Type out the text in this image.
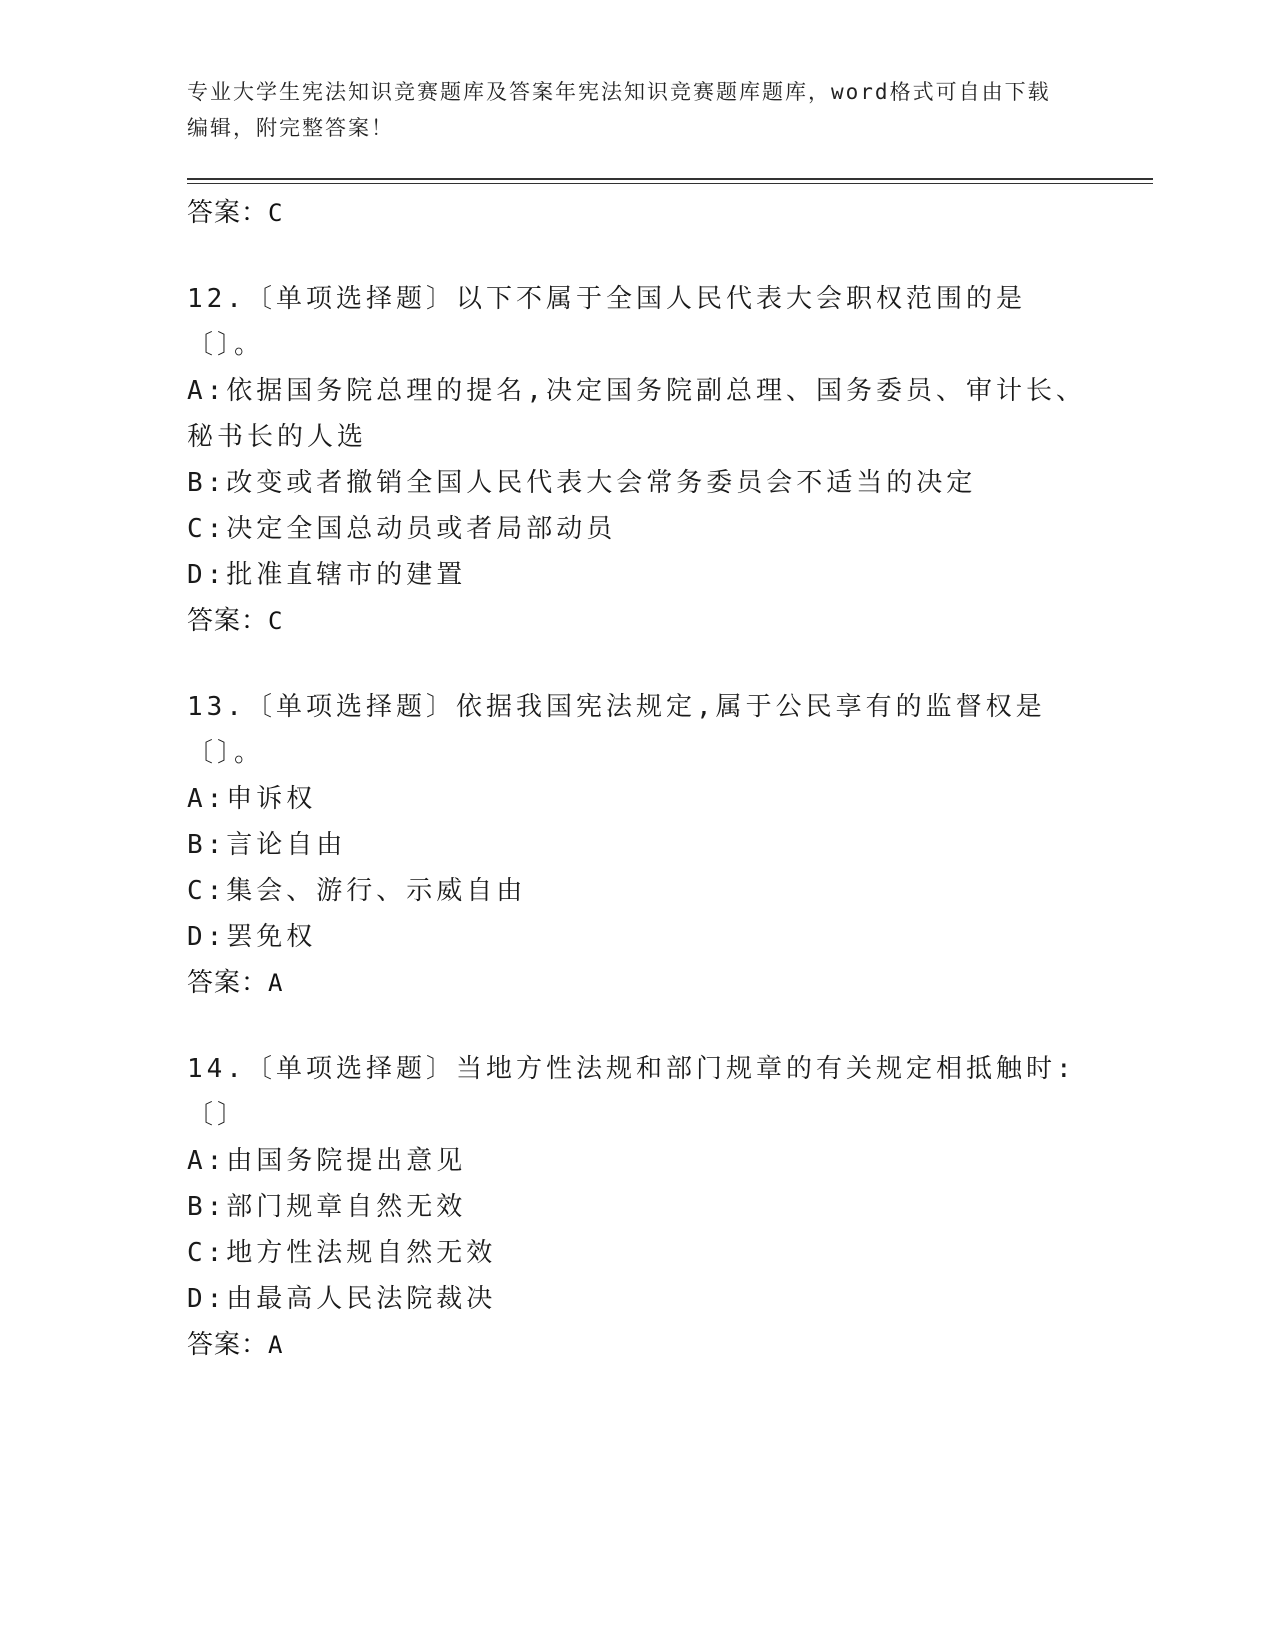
专业大学生宪法知识竞赛题库及答案年宪法知识竞赛题库题库，word格式可自由下载编辑，附完整答案！
答案：C
12.〔单项选择题〕以下不属于全国人民代表大会职权范围的是〔〕。
A:依据国务院总理的提名,决定国务院副总理、国务委员、审计长、秘书长的人选
B:改变或者撤销全国人民代表大会常务委员会不适当的决定
C:决定全国总动员或者局部动员
D:批准直辖市的建置
答案：C
13.〔单项选择题〕依据我国宪法规定,属于公民享有的监督权是〔〕。
A:申诉权
B:言论自由
C:集会、游行、示威自由
D:罢免权
答案：A
14.〔单项选择题〕当地方性法规和部门规章的有关规定相抵触时:〔〕
A:由国务院提出意见
B:部门规章自然无效
C:地方性法规自然无效
D:由最高人民法院裁决
答案：A
